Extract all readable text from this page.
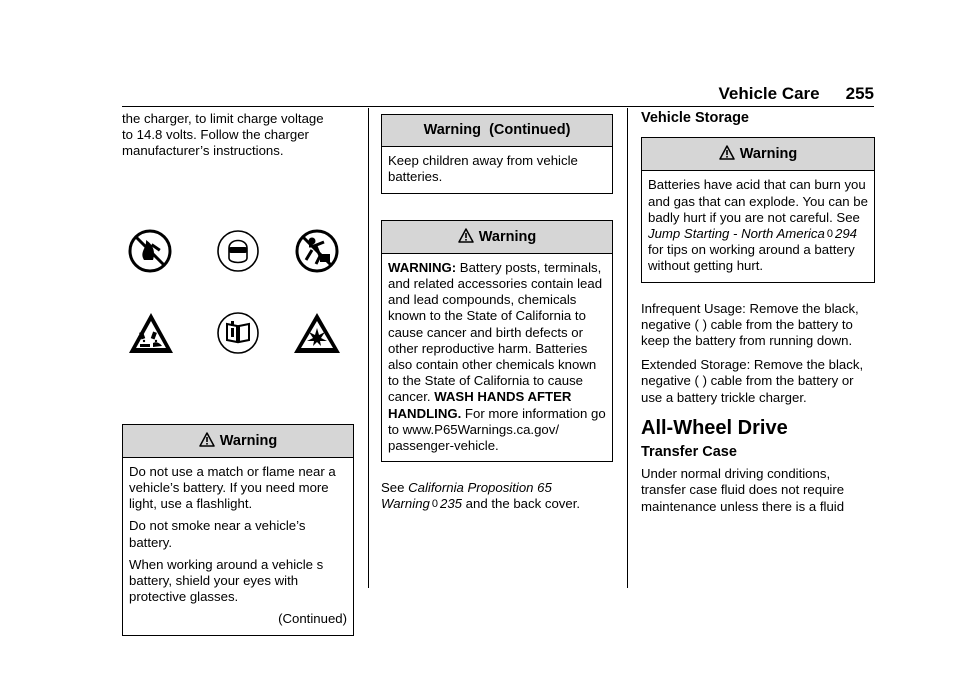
Vehicle Care 255

the charger, to limit charge voltage
to 14.8 volts. Follow the charger
manufacturer’s instructions.

Warning

Do not use a match or flame near a vehicle’s battery. If you need more light, use a flashlight.

Do not smoke near a vehicle’s battery.

When working around a vehicle s battery, shield your eyes with protective glasses.

(Continued)

Warning  (Continued)

Keep children away from vehicle batteries.

Warning

WARNING: Battery posts, terminals, and related accessories contain lead and lead compounds, chemicals known to the State of California to cause cancer and birth defects or other reproductive harm. Batteries also contain other chemicals known to the State of California to cause cancer. WASH HANDS AFTER HANDLING. For more information go to www.P65Warnings.ca.gov/ passenger-vehicle.

See California Proposition 65 Warning 0 235 and the back cover.

Vehicle Storage
Warning

Batteries have acid that can burn you and gas that can explode. You can be badly hurt if you are not careful. See Jump Starting - North America 0 294 for tips on working around a battery without getting hurt.

Infrequent Usage: Remove the black, negative ( ) cable from the battery to keep the battery from running down.

Extended Storage: Remove the black, negative ( ) cable from the battery or use a battery trickle charger.

All-Wheel Drive
Transfer Case

Under normal driving conditions, transfer case fluid does not require maintenance unless there is a fluid
